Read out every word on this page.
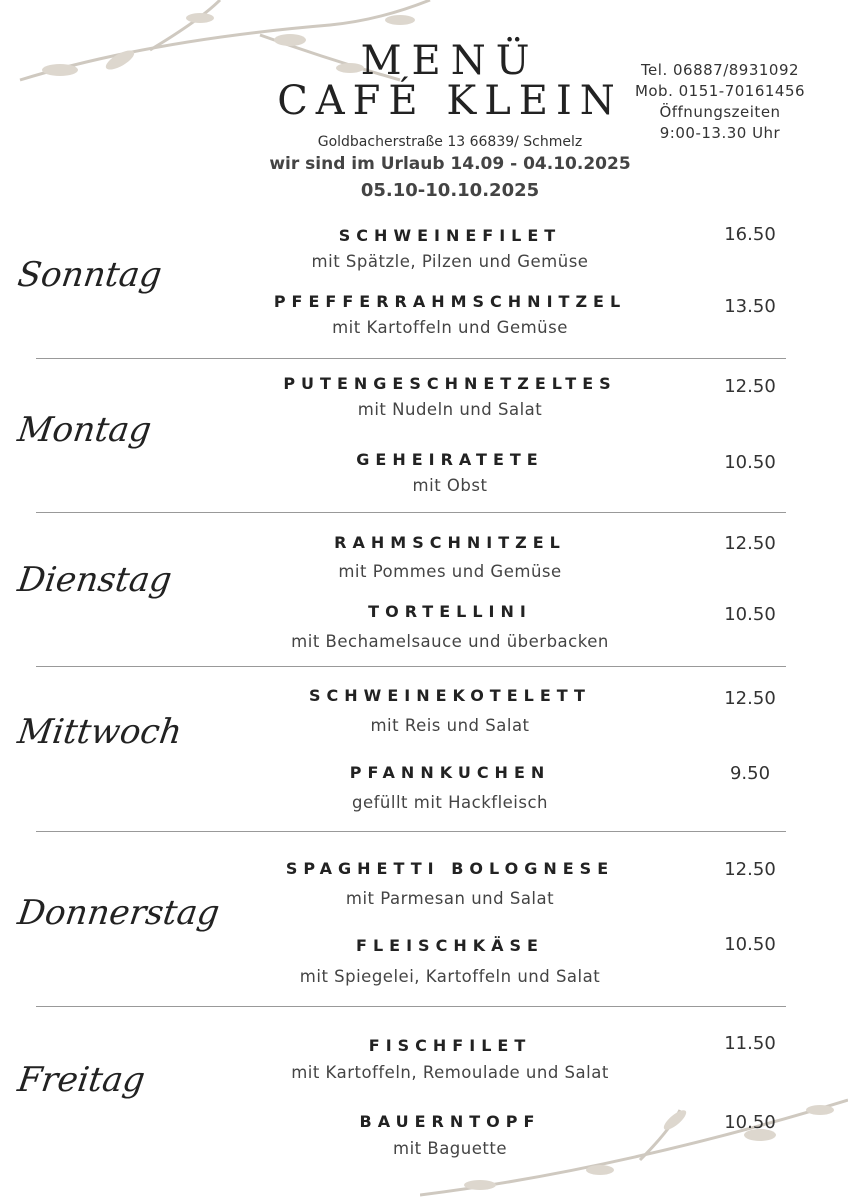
MENÜ
CAFÉ KLEIN
Goldbacherstraße 13 66839/ Schmelz
wir sind im Urlaub 14.09 - 04.10.2025
05.10-10.10.2025
Tel. 06887/8931092
Mob. 0151-70161456
Öffnungszeiten
9:00-13.30 Uhr
Sonntag
SCHWEINEFILET
mit Spätzle, Pilzen und Gemüse
16.50
PFEFFERRAHMSCHNITZEL
mit Kartoffeln und Gemüse
13.50
Montag
PUTENGESCHNETZELTES
mit Nudeln und Salat
12.50
GEHEIRATETE
mit Obst
10.50
Dienstag
RAHMSCHNITZEL
mit Pommes und Gemüse
12.50
TORTELLINI
mit Bechamelsauce und überbacken
10.50
Mittwoch
SCHWEINEKOTELETT
mit Reis und Salat
12.50
PFANNKUCHEN
gefüllt mit Hackfleisch
9.50
Donnerstag
SPAGHETTI BOLOGNESE
mit Parmesan und Salat
12.50
FLEISCHKÄSE
mit Spiegelei, Kartoffeln und Salat
10.50
Freitag
FISCHFILET
mit Kartoffeln, Remoulade und Salat
11.50
BAUERNTOPF
mit Baguette
10.50
